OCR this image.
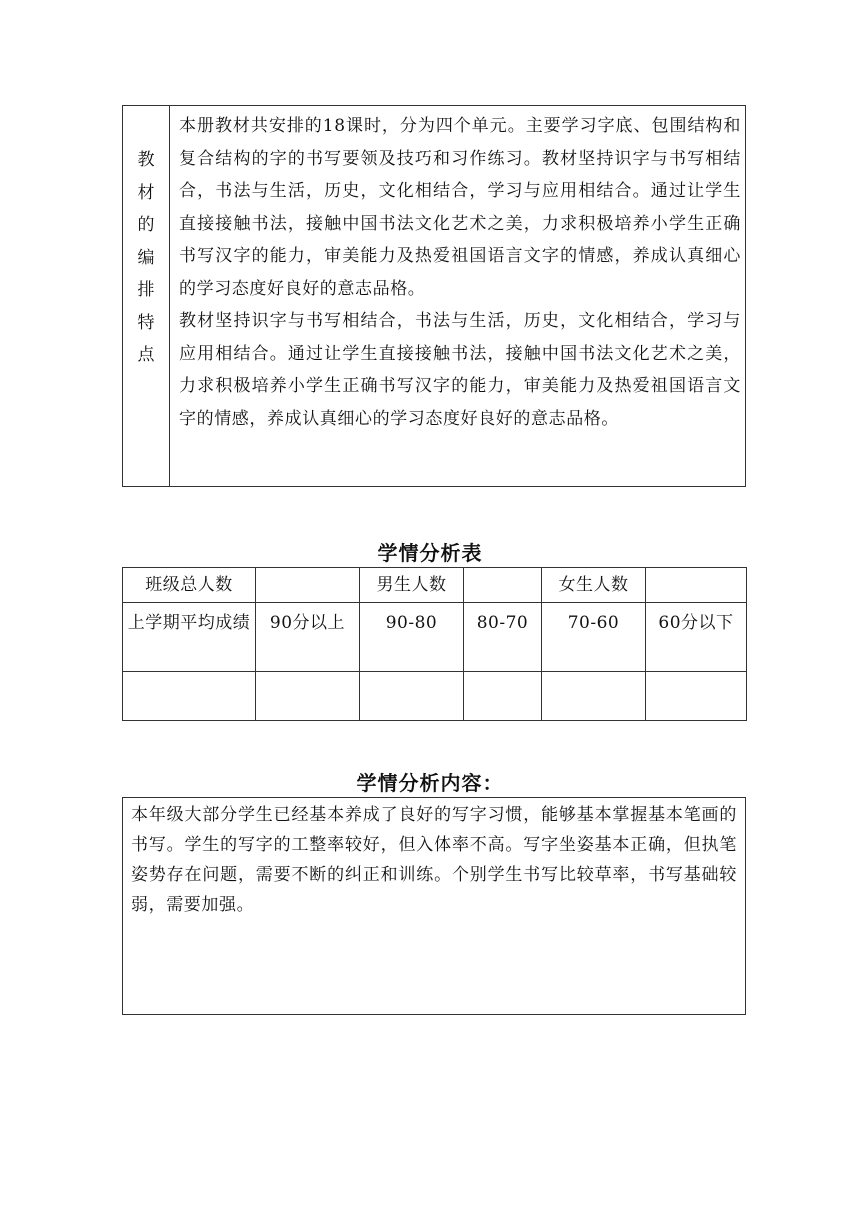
教
材
的
编
排
特
点

本册教材共安排的18课时，分为四个单元。主要学习字底、包围结构和复合结构的字的书写要领及技巧和习作练习。教材坚持识字与书写相结合，书法与生活，历史，文化相结合，学习与应用相结合。通过让学生直接接触书法，接触中国书法文化艺术之美，力求积极培养小学生正确书写汉字的能力，审美能力及热爱祖国语言文字的情感，养成认真细心的学习态度好良好的意志品格。

教材坚持识字与书写相结合，书法与生活，历史，文化相结合，学习与应用相结合。通过让学生直接接触书法，接触中国书法文化艺术之美，力求积极培养小学生正确书写汉字的能力，审美能力及热爱祖国语言文字的情感，养成认真细心的学习态度好良好的意志品格。

学情分析表
班级总人数		男生人数		女生人数	
上学期平均成绩	90分以上	90-80	80-70	70-60	60分以下

学情分析内容：

本年级大部分学生已经基本养成了良好的写字习惯，能够基本掌握基本笔画的书写。学生的写字的工整率较好，但入体率不高。写字坐姿基本正确，但执笔姿势存在问题，需要不断的纠正和训练。个别学生书写比较草率，书写基础较弱，需要加强。
